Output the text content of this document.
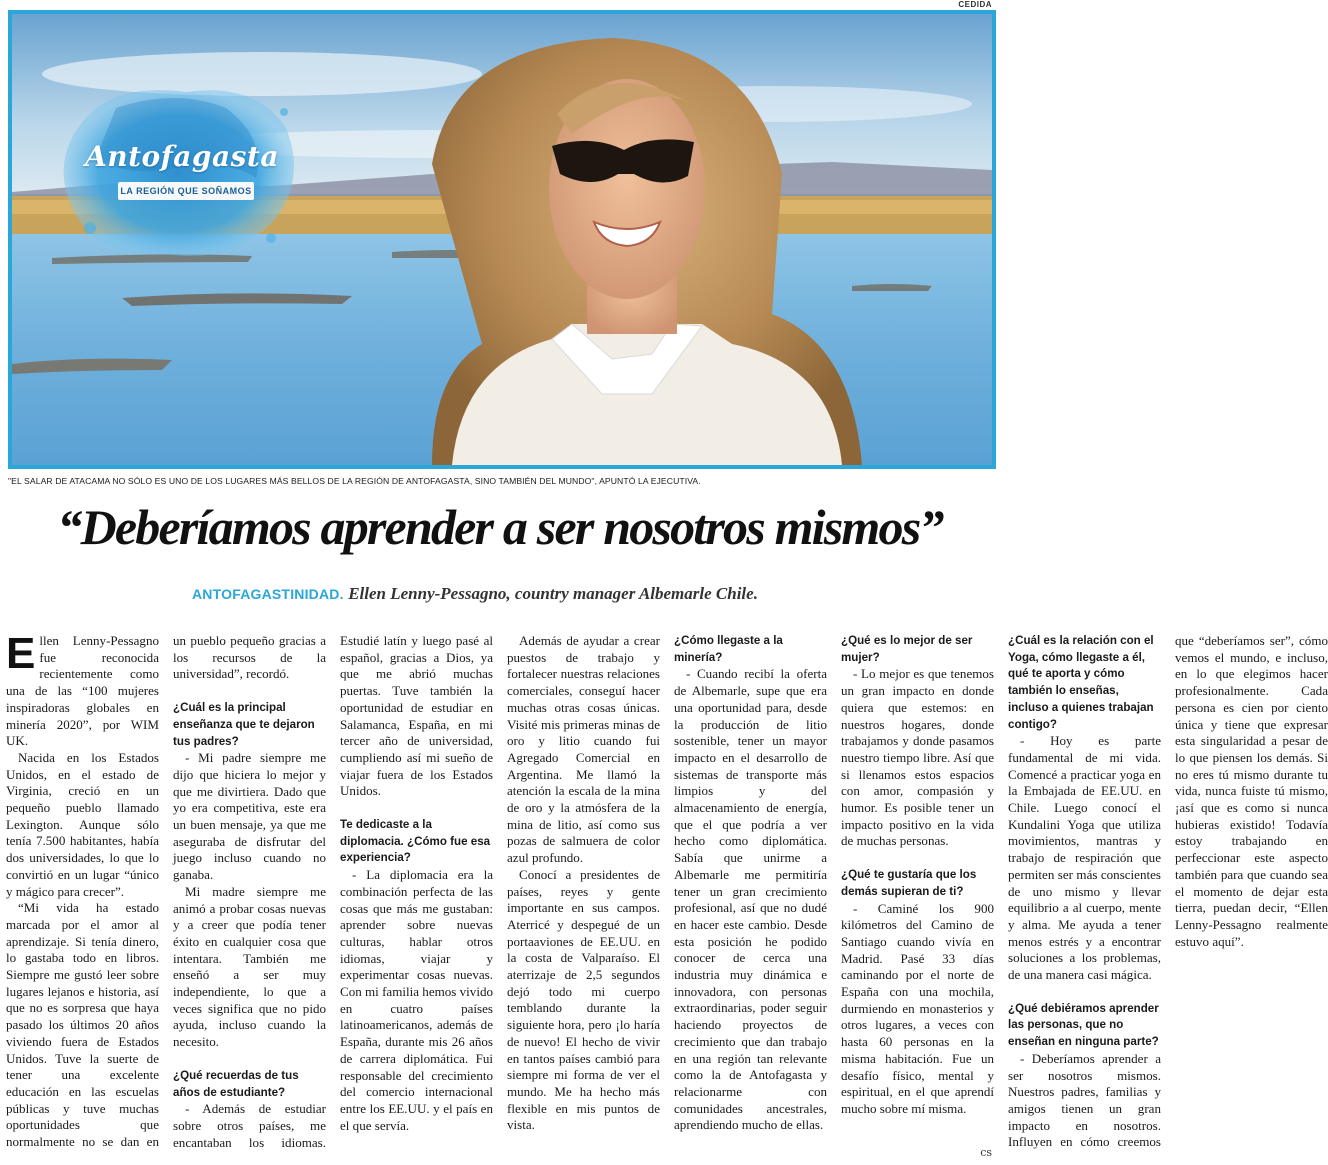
CEDIDA
Antofagasta
LA REGIÓN QUE SOÑAMOS
"EL SALAR DE ATACAMA NO SÓLO ES UNO DE LOS LUGARES MÁS BELLOS DE LA REGIÓN DE ANTOFAGASTA, SINO TAMBIÉN DEL MUNDO", APUNTÓ LA EJECUTIVA.
“Deberíamos aprender a ser nosotros mismos”
ANTOFAGASTINIDAD. Ellen Lenny-Pessagno, country manager Albemarle Chile.

Ellen Lenny-Pessagno fue reconocida recientemente como una de las “100 mujeres inspiradoras globales en minería 2020”, por WIM UK.

Nacida en los Estados Unidos, en el estado de Virginia, creció en un pequeño pueblo llamado Lexington. Aunque sólo tenía 7.500 habitantes, había dos universidades, lo que lo convirtió en un lugar “único y mágico para crecer”.

“Mi vida ha estado marcada por el amor al aprendizaje. Si tenía dinero, lo gastaba todo en libros. Siempre me gustó leer sobre lugares lejanos e historia, así que no es sorpresa que haya pasado los últimos 20 años viviendo fuera de Estados Unidos. Tuve la suerte de tener una excelente educación en las escuelas públicas y tuve muchas oportunidades que normalmente no se dan en un pueblo pequeño gracias a los recursos de la universidad”, recordó.

¿Cuál es la principal enseñanza que te dejaron tus padres?

- Mi padre siempre me dijo que hiciera lo mejor y que me divirtiera. Dado que yo era competitiva, este era un buen mensaje, ya que me aseguraba de disfrutar del juego incluso cuando no ganaba.

Mi madre siempre me animó a probar cosas nuevas y a creer que podía tener éxito en cualquier cosa que intentara. También me enseñó a ser muy independiente, lo que a veces significa que no pido ayuda, incluso cuando la necesito.

¿Qué recuerdas de tus años de estudiante?

- Además de estudiar sobre otros países, me encantaban los idiomas. Estudié latín y luego pasé al español, gracias a Dios, ya que me abrió muchas puertas. Tuve también la oportunidad de estudiar en Salamanca, España, en mi tercer año de universidad, cumpliendo así mi sueño de viajar fuera de los Estados Unidos.

Te dedicaste a la diplomacia. ¿Cómo fue esa experiencia?

- La diplomacia era la combinación perfecta de las cosas que más me gustaban: aprender sobre nuevas culturas, hablar otros idiomas, viajar y experimentar cosas nuevas. Con mi familia hemos vivido en cuatro países latinoamericanos, además de España, durante mis 26 años de carrera diplomática. Fui responsable del crecimiento del comercio internacional entre los EE.UU. y el país en el que servía.

Además de ayudar a crear puestos de trabajo y fortalecer nuestras relaciones comerciales, conseguí hacer muchas otras cosas únicas. Visité mis primeras minas de oro y litio cuando fui Agregado Comercial en Argentina. Me llamó la atención la escala de la mina de oro y la atmósfera de la mina de litio, así como sus pozas de salmuera de color azul profundo.

Conocí a presidentes de países, reyes y gente importante en sus campos. Aterricé y despegué de un portaaviones de EE.UU. en la costa de Valparaíso. El aterrizaje de 2,5 segundos dejó todo mi cuerpo temblando durante la siguiente hora, pero ¡lo haría de nuevo! El hecho de vivir en tantos países cambió para siempre mi forma de ver el mundo. Me ha hecho más flexible en mis puntos de vista.

¿Cómo llegaste a la minería?

- Cuando recibí la oferta de Albemarle, supe que era una oportunidad para, desde la producción de litio sostenible, tener un mayor impacto en el desarrollo de sistemas de transporte más limpios y del almacenamiento de energía, que el que podría a ver hecho como diplomática. Sabía que unirme a Albemarle me permitiría tener un gran crecimiento profesional, así que no dudé en hacer este cambio. Desde esta posición he podido conocer de cerca una industria muy dinámica e innovadora, con personas extraordinarias, poder seguir haciendo proyectos de crecimiento que dan trabajo en una región tan relevante como la de Antofagasta y relacionarme con comunidades ancestrales, aprendiendo mucho de ellas.

¿Qué es lo mejor de ser mujer?

- Lo mejor es que tenemos un gran impacto en donde quiera que estemos: en nuestros hogares, donde trabajamos y donde pasamos nuestro tiempo libre. Así que si llenamos estos espacios con amor, compasión y humor. Es posible tener un impacto positivo en la vida de muchas personas.

¿Qué te gustaría que los demás supieran de ti?

- Caminé los 900 kilómetros del Camino de Santiago cuando vivía en Madrid. Pasé 33 días caminando por el norte de España con una mochila, durmiendo en monasterios y otros lugares, a veces con hasta 60 personas en la misma habitación. Fue un desafío físico, mental y espiritual, en el que aprendí mucho sobre mí misma.

¿Cuál es la relación con el Yoga, cómo llegaste a él, qué te aporta y cómo también lo enseñas, incluso a quienes trabajan contigo?

- Hoy es parte fundamental de mi vida. Comencé a practicar yoga en la Embajada de EE.UU. en Chile. Luego conocí el Kundalini Yoga que utiliza movimientos, mantras y trabajo de respiración que permiten ser más conscientes de uno mismo y llevar equilibrio a al cuerpo, mente y alma. Me ayuda a tener menos estrés y a encontrar soluciones a los problemas, de una manera casi mágica.

¿Qué debiéramos aprender las personas, que no enseñan en ninguna parte?

- Deberíamos aprender a ser nosotros mismos. Nuestros padres, familias y amigos tienen un gran impacto en nosotros. Influyen en cómo creemos que “deberíamos ser”, cómo vemos el mundo, e incluso, en lo que elegimos hacer profesionalmente. Cada persona es cien por ciento única y tiene que expresar esta singularidad a pesar de lo que piensen los demás. Si no eres tú mismo durante tu vida, nunca fuiste tú mismo, ¡así que es como si nunca hubieras existido! Todavía estoy trabajando en perfeccionar este aspecto también para que cuando sea el momento de dejar esta tierra, puedan decir, “Ellen Lenny-Pessagno realmente estuvo aquí”.

cs
